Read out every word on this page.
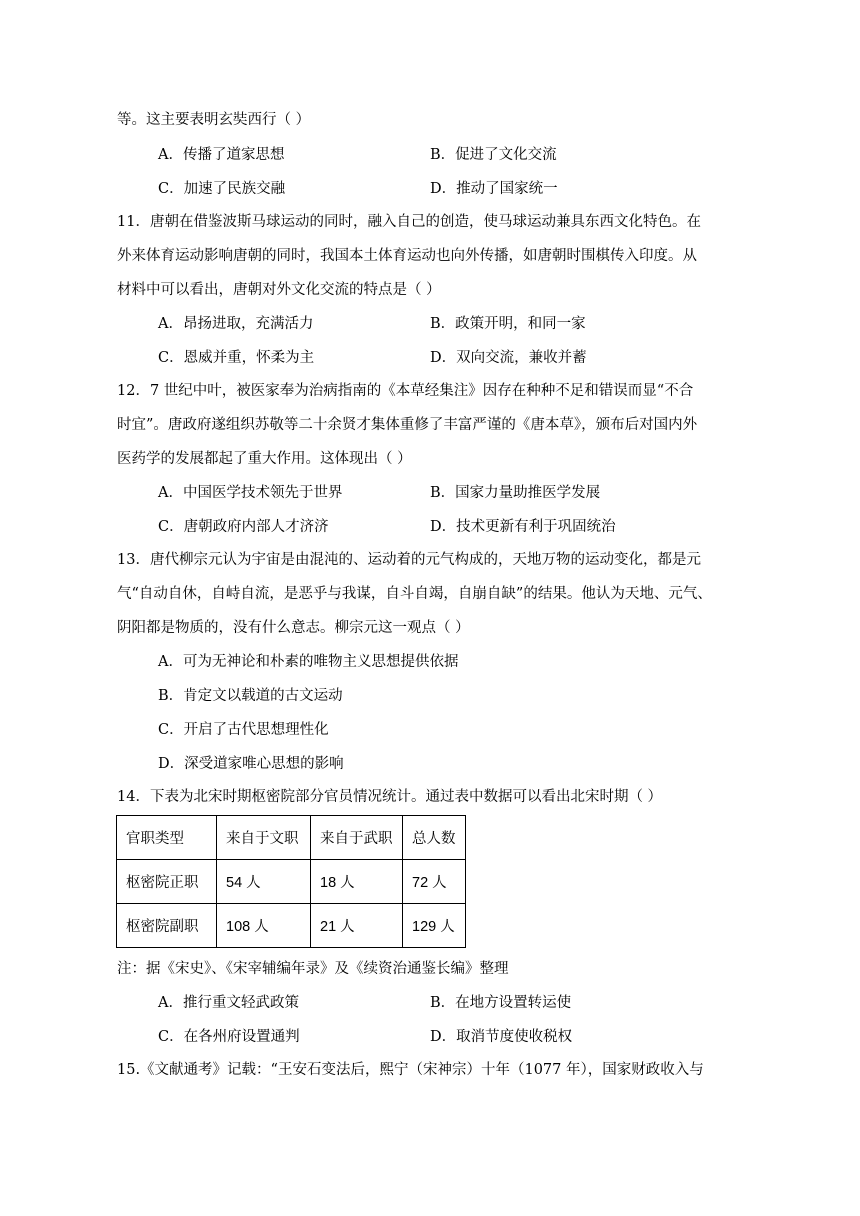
等。这主要表明玄奘西行（ ）
A．传播了道家思想	B．促进了文化交流
C．加速了民族交融	D．推动了国家统一
11．唐朝在借鉴波斯马球运动的同时，融入自己的创造，使马球运动兼具东西文化特色。在
外来体育运动影响唐朝的同时，我国本土体育运动也向外传播，如唐朝时围棋传入印度。从
材料中可以看出，唐朝对外文化交流的特点是（ ）
A．昂扬进取，充满活力	B．政策开明，和同一家
C．恩威并重，怀柔为主	D．双向交流，兼收并蓄
12．7 世纪中叶，被医家奉为治病指南的《本草经集注》因存在种种不足和错误而显“不合
时宜”。唐政府遂组织苏敬等二十余贤才集体重修了丰富严谨的《唐本草》，颁布后对国内外
医药学的发展都起了重大作用。这体现出（ ）
A．中国医学技术领先于世界	B．国家力量助推医学发展
C．唐朝政府内部人才济济	D．技术更新有利于巩固统治
13．唐代柳宗元认为宇宙是由混沌的、运动着的元气构成的，天地万物的运动变化，都是元
气“自动自休，自峙自流，是恶乎与我谋，自斗自竭，自崩自缺”的结果。他认为天地、元气、
阴阳都是物质的，没有什么意志。柳宗元这一观点（ ）
A．可为无神论和朴素的唯物主义思想提供依据
B．肯定文以载道的古文运动
C．开启了古代思想理性化
D．深受道家唯心思想的影响
14．下表为北宋时期枢密院部分官员情况统计。通过表中数据可以看出北宋时期（ ）
官职类型	来自于文职	来自于武职	总人数
枢密院正职	54 人	18 人	72 人
枢密院副职	108 人	21 人	129 人
注：据《宋史》、《宋宰辅编年录》及《续资治通鉴长编》整理
A．推行重文轻武政策	B．在地方设置转运使
C．在各州府设置通判	D．取消节度使收税权
15.《文献通考》记载：“王安石变法后，熙宁（宋神宗）十年（1077 年），国家财政收入与
